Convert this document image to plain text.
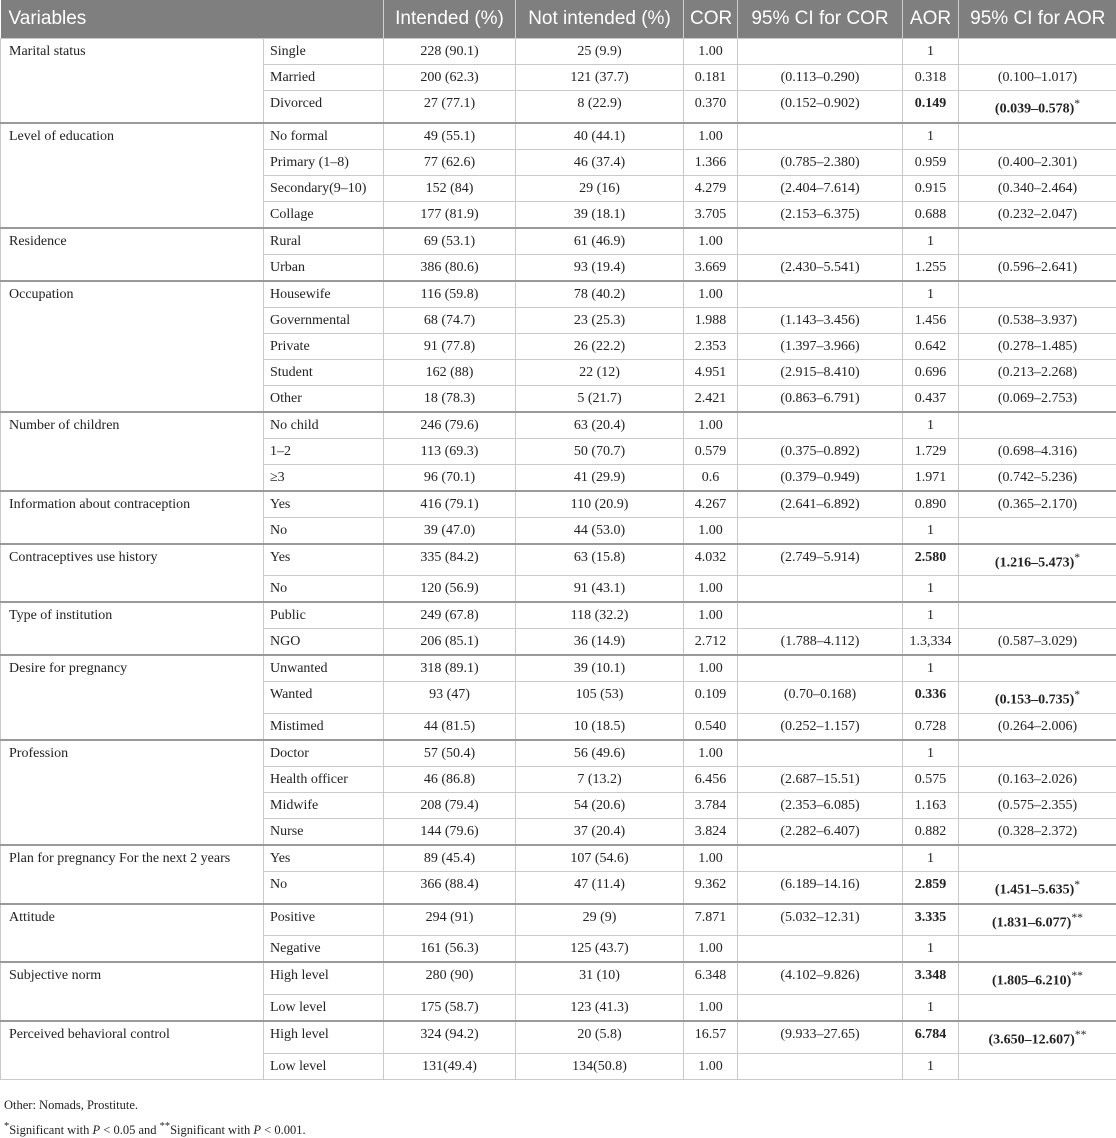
Variables		Intended (%)	Not intended (%)	COR	95% CI for COR	AOR	95% CI for AOR
Marital status	Single	228 (90.1)	25 (9.9)	1.00		1	
	Married	200 (62.3)	121 (37.7)	0.181	(0.113–0.290)	0.318	(0.100–1.017)
	Divorced	27 (77.1)	8 (22.9)	0.370	(0.152–0.902)	0.149	(0.039–0.578)*
Level of education	No formal	49 (55.1)	40 (44.1)	1.00		1	
	Primary (1–8)	77 (62.6)	46 (37.4)	1.366	(0.785–2.380)	0.959	(0.400–2.301)
	Secondary(9–10)	152 (84)	29 (16)	4.279	(2.404–7.614)	0.915	(0.340–2.464)
	Collage	177 (81.9)	39 (18.1)	3.705	(2.153–6.375)	0.688	(0.232–2.047)
Residence	Rural	69 (53.1)	61 (46.9)	1.00		1	
	Urban	386 (80.6)	93 (19.4)	3.669	(2.430–5.541)	1.255	(0.596–2.641)
Occupation	Housewife	116 (59.8)	78 (40.2)	1.00		1	
	Governmental	68 (74.7)	23 (25.3)	1.988	(1.143–3.456)	1.456	(0.538–3.937)
	Private	91 (77.8)	26 (22.2)	2.353	(1.397–3.966)	0.642	(0.278–1.485)
	Student	162 (88)	22 (12)	4.951	(2.915–8.410)	0.696	(0.213–2.268)
	Other	18 (78.3)	5 (21.7)	2.421	(0.863–6.791)	0.437	(0.069–2.753)
Number of children	No child	246 (79.6)	63 (20.4)	1.00		1	
	1–2	113 (69.3)	50 (70.7)	0.579	(0.375–0.892)	1.729	(0.698–4.316)
	≥3	96 (70.1)	41 (29.9)	0.6	(0.379–0.949)	1.971	(0.742–5.236)
Information about contraception	Yes	416 (79.1)	110 (20.9)	4.267	(2.641–6.892)	0.890	(0.365–2.170)
	No	39 (47.0)	44 (53.0)	1.00		1	
Contraceptives use history	Yes	335 (84.2)	63 (15.8)	4.032	(2.749–5.914)	2.580	(1.216–5.473)*
	No	120 (56.9)	91 (43.1)	1.00		1	
Type of institution	Public	249 (67.8)	118 (32.2)	1.00		1	
	NGO	206 (85.1)	36 (14.9)	2.712	(1.788–4.112)	1.3,334	(0.587–3.029)
Desire for pregnancy	Unwanted	318 (89.1)	39 (10.1)	1.00		1	
	Wanted	93 (47)	105 (53)	0.109	(0.70–0.168)	0.336	(0.153–0.735)*
	Mistimed	44 (81.5)	10 (18.5)	0.540	(0.252–1.157)	0.728	(0.264–2.006)
Profession	Doctor	57 (50.4)	56 (49.6)	1.00		1	
	Health officer	46 (86.8)	7 (13.2)	6.456	(2.687–15.51)	0.575	(0.163–2.026)
	Midwife	208 (79.4)	54 (20.6)	3.784	(2.353–6.085)	1.163	(0.575–2.355)
	Nurse	144 (79.6)	37 (20.4)	3.824	(2.282–6.407)	0.882	(0.328–2.372)
Plan for pregnancy For the next 2 years	Yes	89 (45.4)	107 (54.6)	1.00		1	
	No	366 (88.4)	47 (11.4)	9.362	(6.189–14.16)	2.859	(1.451–5.635)*
Attitude	Positive	294 (91)	29 (9)	7.871	(5.032–12.31)	3.335	(1.831–6.077)**
	Negative	161 (56.3)	125 (43.7)	1.00		1	
Subjective norm	High level	280 (90)	31 (10)	6.348	(4.102–9.826)	3.348	(1.805–6.210)**
	Low level	175 (58.7)	123 (41.3)	1.00		1	
Perceived behavioral control	High level	324 (94.2)	20 (5.8)	16.57	(9.933–27.65)	6.784	(3.650–12.607)**
	Low level	131(49.4)	134(50.8)	1.00		1	
Other: Nomads, Prostitute.
*Significant with P < 0.05 and **Significant with P < 0.001.
